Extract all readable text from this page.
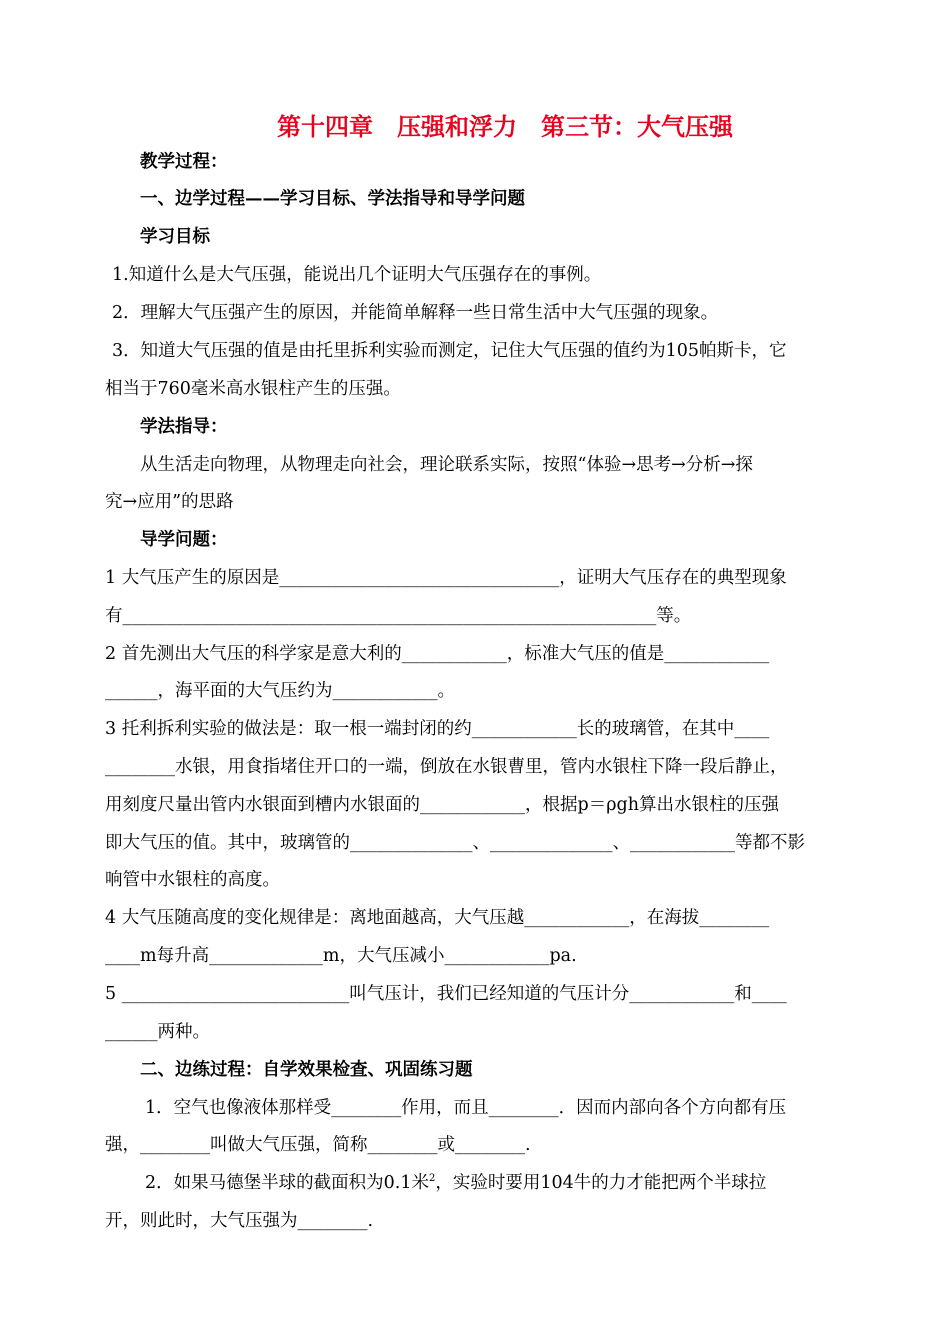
第十四章　压强和浮力　第三节：大气压强
教学过程：
一、边学过程——学习目标、学法指导和导学问题
学习目标
1.知道什么是大气压强，能说出几个证明大气压强存在的事例。
2．理解大气压强产生的原因，并能简单解释一些日常生活中大气压强的现象。
3．知道大气压强的值是由托里拆利实验而测定，记住大气压强的值约为105帕斯卡，它
相当于760毫米高水银柱产生的压强。
学法指导：
从生活走向物理，从物理走向社会，理论联系实际，按照“体验→思考→分析→探
究→应用”的思路
导学问题：
1 大气压产生的原因是________________________________，证明大气压存在的典型现象
有_____________________________________________________________等。
2 首先测出大气压的科学家是意大利的____________，标准大气压的值是____________
______，海平面的大气压约为____________。
3 托利拆利实验的做法是：取一根一端封闭的约____________长的玻璃管，在其中____
________水银，用食指堵住开口的一端，倒放在水银曹里，管内水银柱下降一段后静止，
用刻度尺量出管内水银面到槽内水银面的____________，根据p＝ρgh算出水银柱的压强
即大气压的值。其中，玻璃管的______________、______________、____________等都不影
响管中水银柱的高度。
4 大气压随高度的变化规律是：离地面越高，大气压越____________，在海拔________
____m每升高_____________m，大气压减小____________pa.
5 __________________________叫气压计，我们已经知道的气压计分____________和____
______两种。
二、边练过程：自学效果检查、巩固练习题
1．空气也像液体那样受________作用，而且________．因而内部向各个方向都有压
强，________叫做大气压强，简称________或________.
2．如果马德堡半球的截面积为0.1米$^2$，实验时要用104牛的力才能把两个半球拉
开，则此时，大气压强为________.
